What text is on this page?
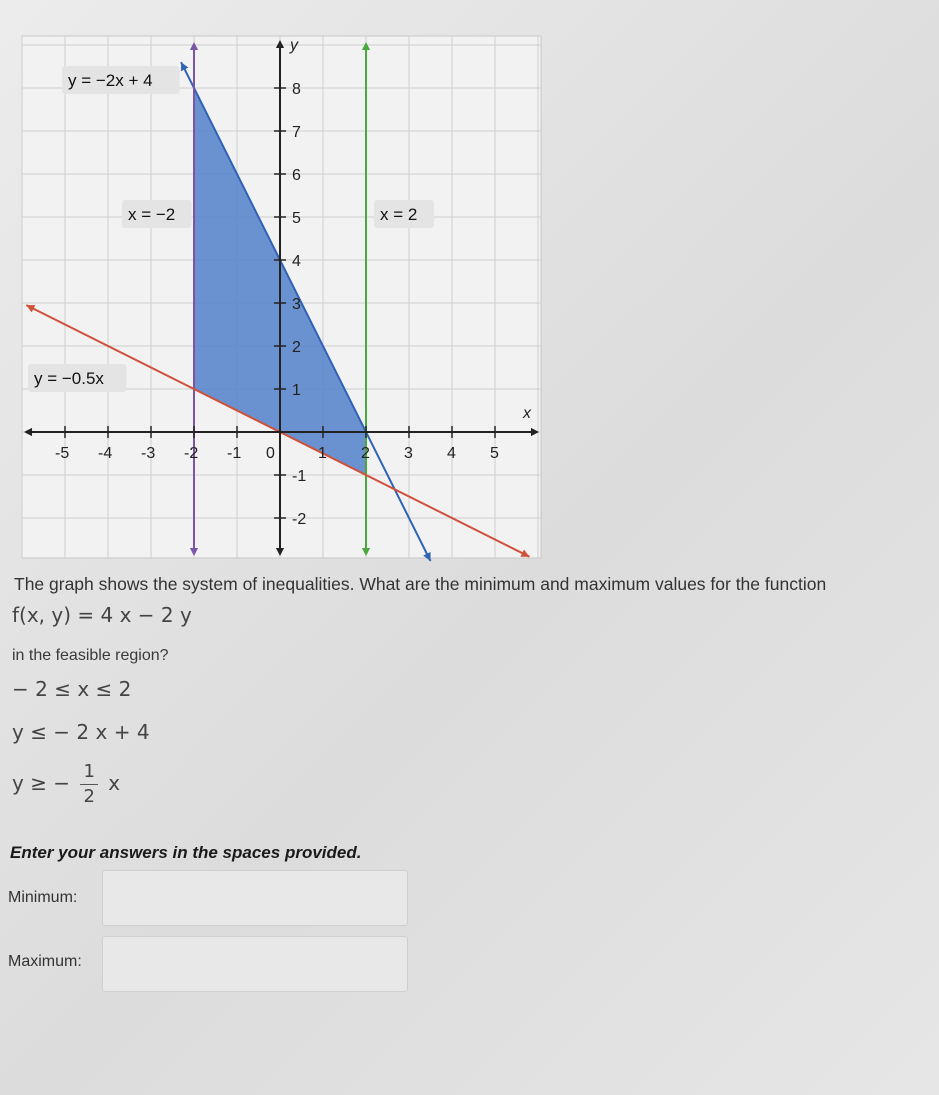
-5 -4 -3 -2 -1 0	1 2 3 4 5
8
7
6
5
4
3
2
1
-1
-2
x
y
y = −2x + 4
x = −2	x = 2
y = −0.5x
The graph shows the system of inequalities. What are the minimum and maximum values for the function
f(x, y) = 4 x − 2 y
in the feasible region?
− 2 ≤ x ≤ 2
y ≤ − 2 x + 4
y ≥ − $\frac{1}{2}$ x
Enter your answers in the spaces provided.
Minimum:
Maximum:
